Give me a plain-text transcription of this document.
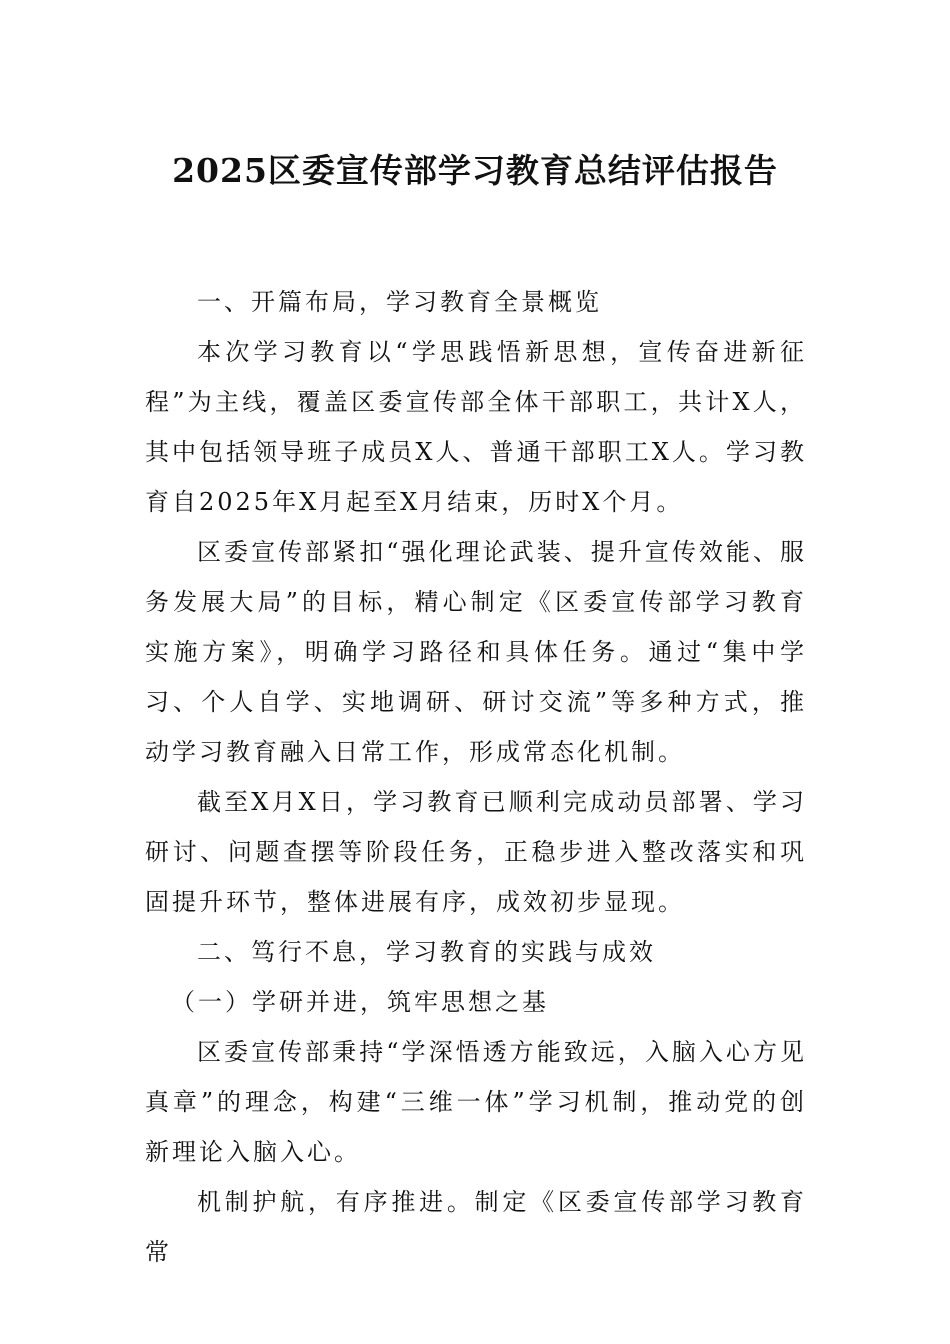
2025区委宣传部学习教育总结评估报告

一、开篇布局，学习教育全景概览

本次学习教育以“学思践悟新思想，宣传奋进新征程”为主线，覆盖区委宣传部全体干部职工，共计X人，其中包括领导班子成员X人、普通干部职工X人。学习教育自2025年X月起至X月结束，历时X个月。

区委宣传部紧扣“强化理论武装、提升宣传效能、服务发展大局”的目标，精心制定《区委宣传部学习教育实施方案》，明确学习路径和具体任务。通过“集中学习、个人自学、实地调研、研讨交流”等多种方式，推动学习教育融入日常工作，形成常态化机制。

截至X月X日，学习教育已顺利完成动员部署、学习研讨、问题查摆等阶段任务，正稳步进入整改落实和巩固提升环节，整体进展有序，成效初步显现。

二、笃行不息，学习教育的实践与成效

（一）学研并进，筑牢思想之基

区委宣传部秉持“学深悟透方能致远，入脑入心方见真章”的理念，构建“三维一体”学习机制，推动党的创新理论入脑入心。

机制护航，有序推进。制定《区委宣传部学习教育常
